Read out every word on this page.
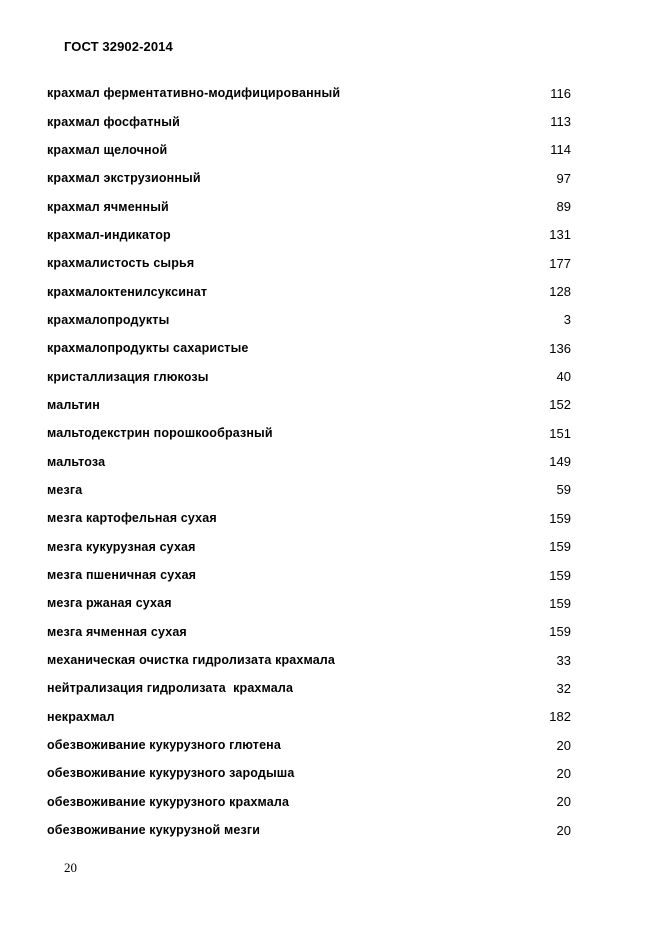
ГОСТ 32902-2014
крахмал ферментативно-модифицированный	116
крахмал фосфатный	113
крахмал щелочной	114
крахмал экструзионный	97
крахмал ячменный	89
крахмал-индикатор	131
крахмалистость сырья	177
крахмалоктенилсуксинат	128
крахмалопродукты	3
крахмалопродукты сахаристые	136
кристаллизация глюкозы	40
мальтин	152
мальтодекстрин порошкообразный	151
мальтоза	149
мезга	59
мезга картофельная сухая	159
мезга кукурузная сухая	159
мезга пшеничная сухая	159
мезга ржаная сухая	159
мезга ячменная сухая	159
механическая очистка гидролизата крахмала	33
нейтрализация гидролизата  крахмала	32
некрахмал	182
обезвоживание кукурузного глютена	20
обезвоживание кукурузного зародыша	20
обезвоживание кукурузного крахмала	20
обезвоживание кукурузной мезги	20
20
